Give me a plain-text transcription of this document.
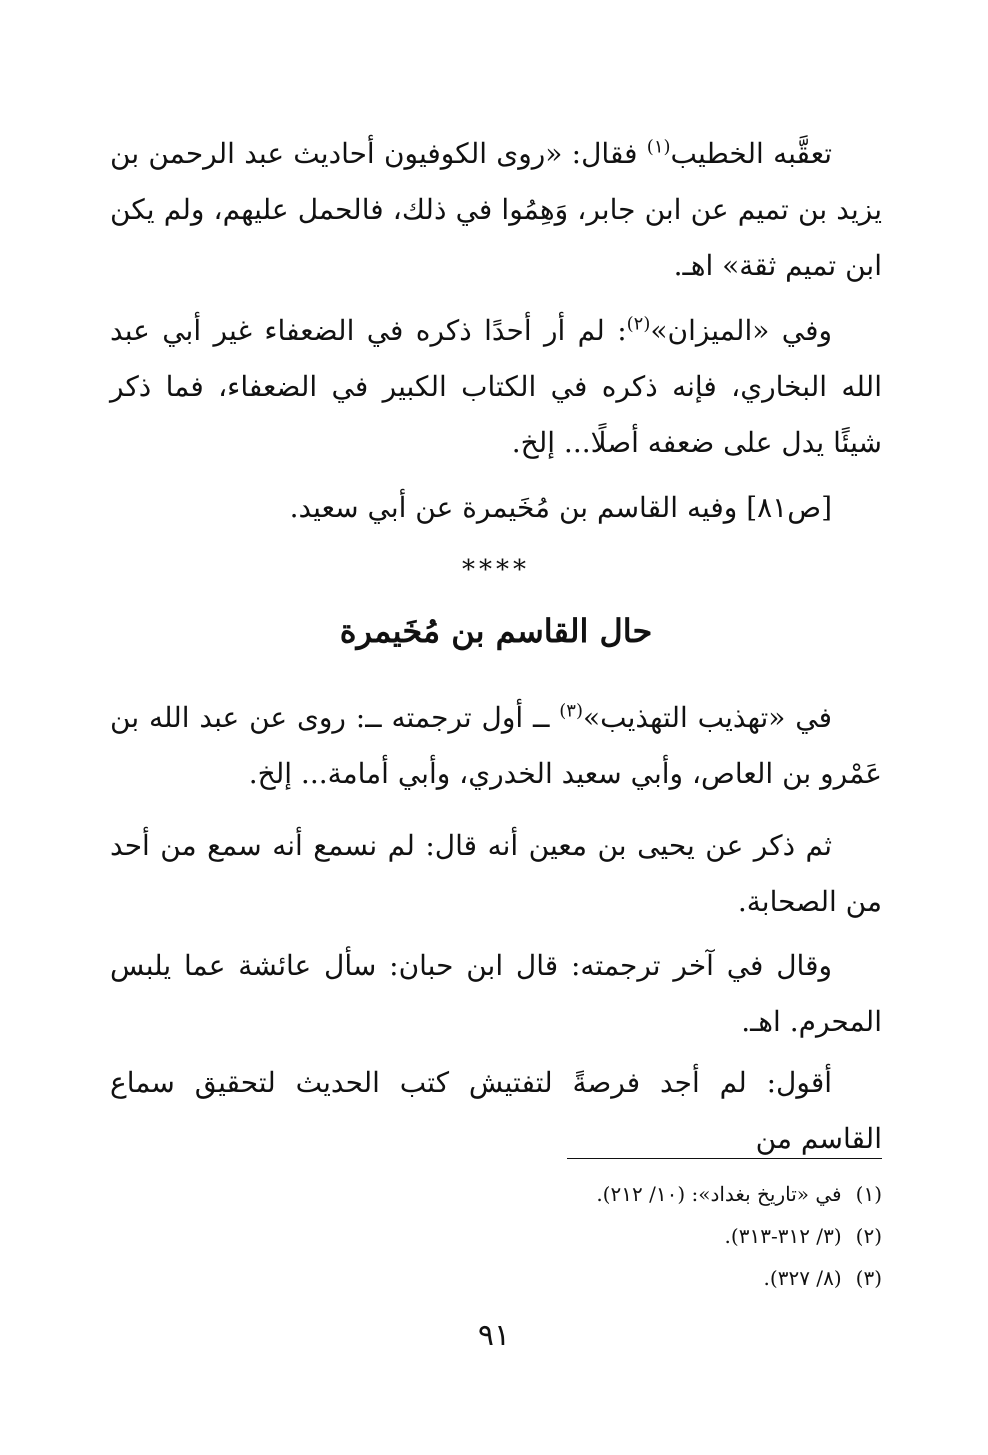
تعقَّبه الخطيب$^{(١)}$ فقال: «روى الكوفيون أحاديث عبد الرحمن بن يزيد بن تميم عن ابن جابر، وَهِمُوا في ذلك، فالحمل عليهم، ولم يكن ابن تميم ثقة» اهـ.

وفي «الميزان»$^{(٢)}$: لم أر أحدًا ذكره في الضعفاء غير أبي عبد الله البخاري، فإنه ذكره في الكتاب الكبير في الضعفاء، فما ذكر شيئًا يدل على ضعفه أصلًا... إلخ.

[ص٨١] وفيه القاسم بن مُخَيمرة عن أبي سعيد.

****
حال القاسم بن مُخَيمرة

في «تهذيب التهذيب»$^{(٣)}$ ــ أول ترجمته ــ: روى عن عبد الله بن عَمْرو بن العاص، وأبي سعيد الخدري، وأبي أمامة... إلخ.

ثم ذكر عن يحيى بن معين أنه قال: لم نسمع أنه سمع من أحد من الصحابة.

وقال في آخر ترجمته: قال ابن حبان: سأل عائشة عما يلبس المحرم. اهـ.

أقول: لم أجد فرصةً لتفتيش كتب الحديث لتحقيق سماع القاسم من

(١)في «تاريخ بغداد»: (١٠/ ٢١٢).
(٢)(٣/ ٣١٢-٣١٣).
(٣)(٨/ ٣٢٧).
٩١
